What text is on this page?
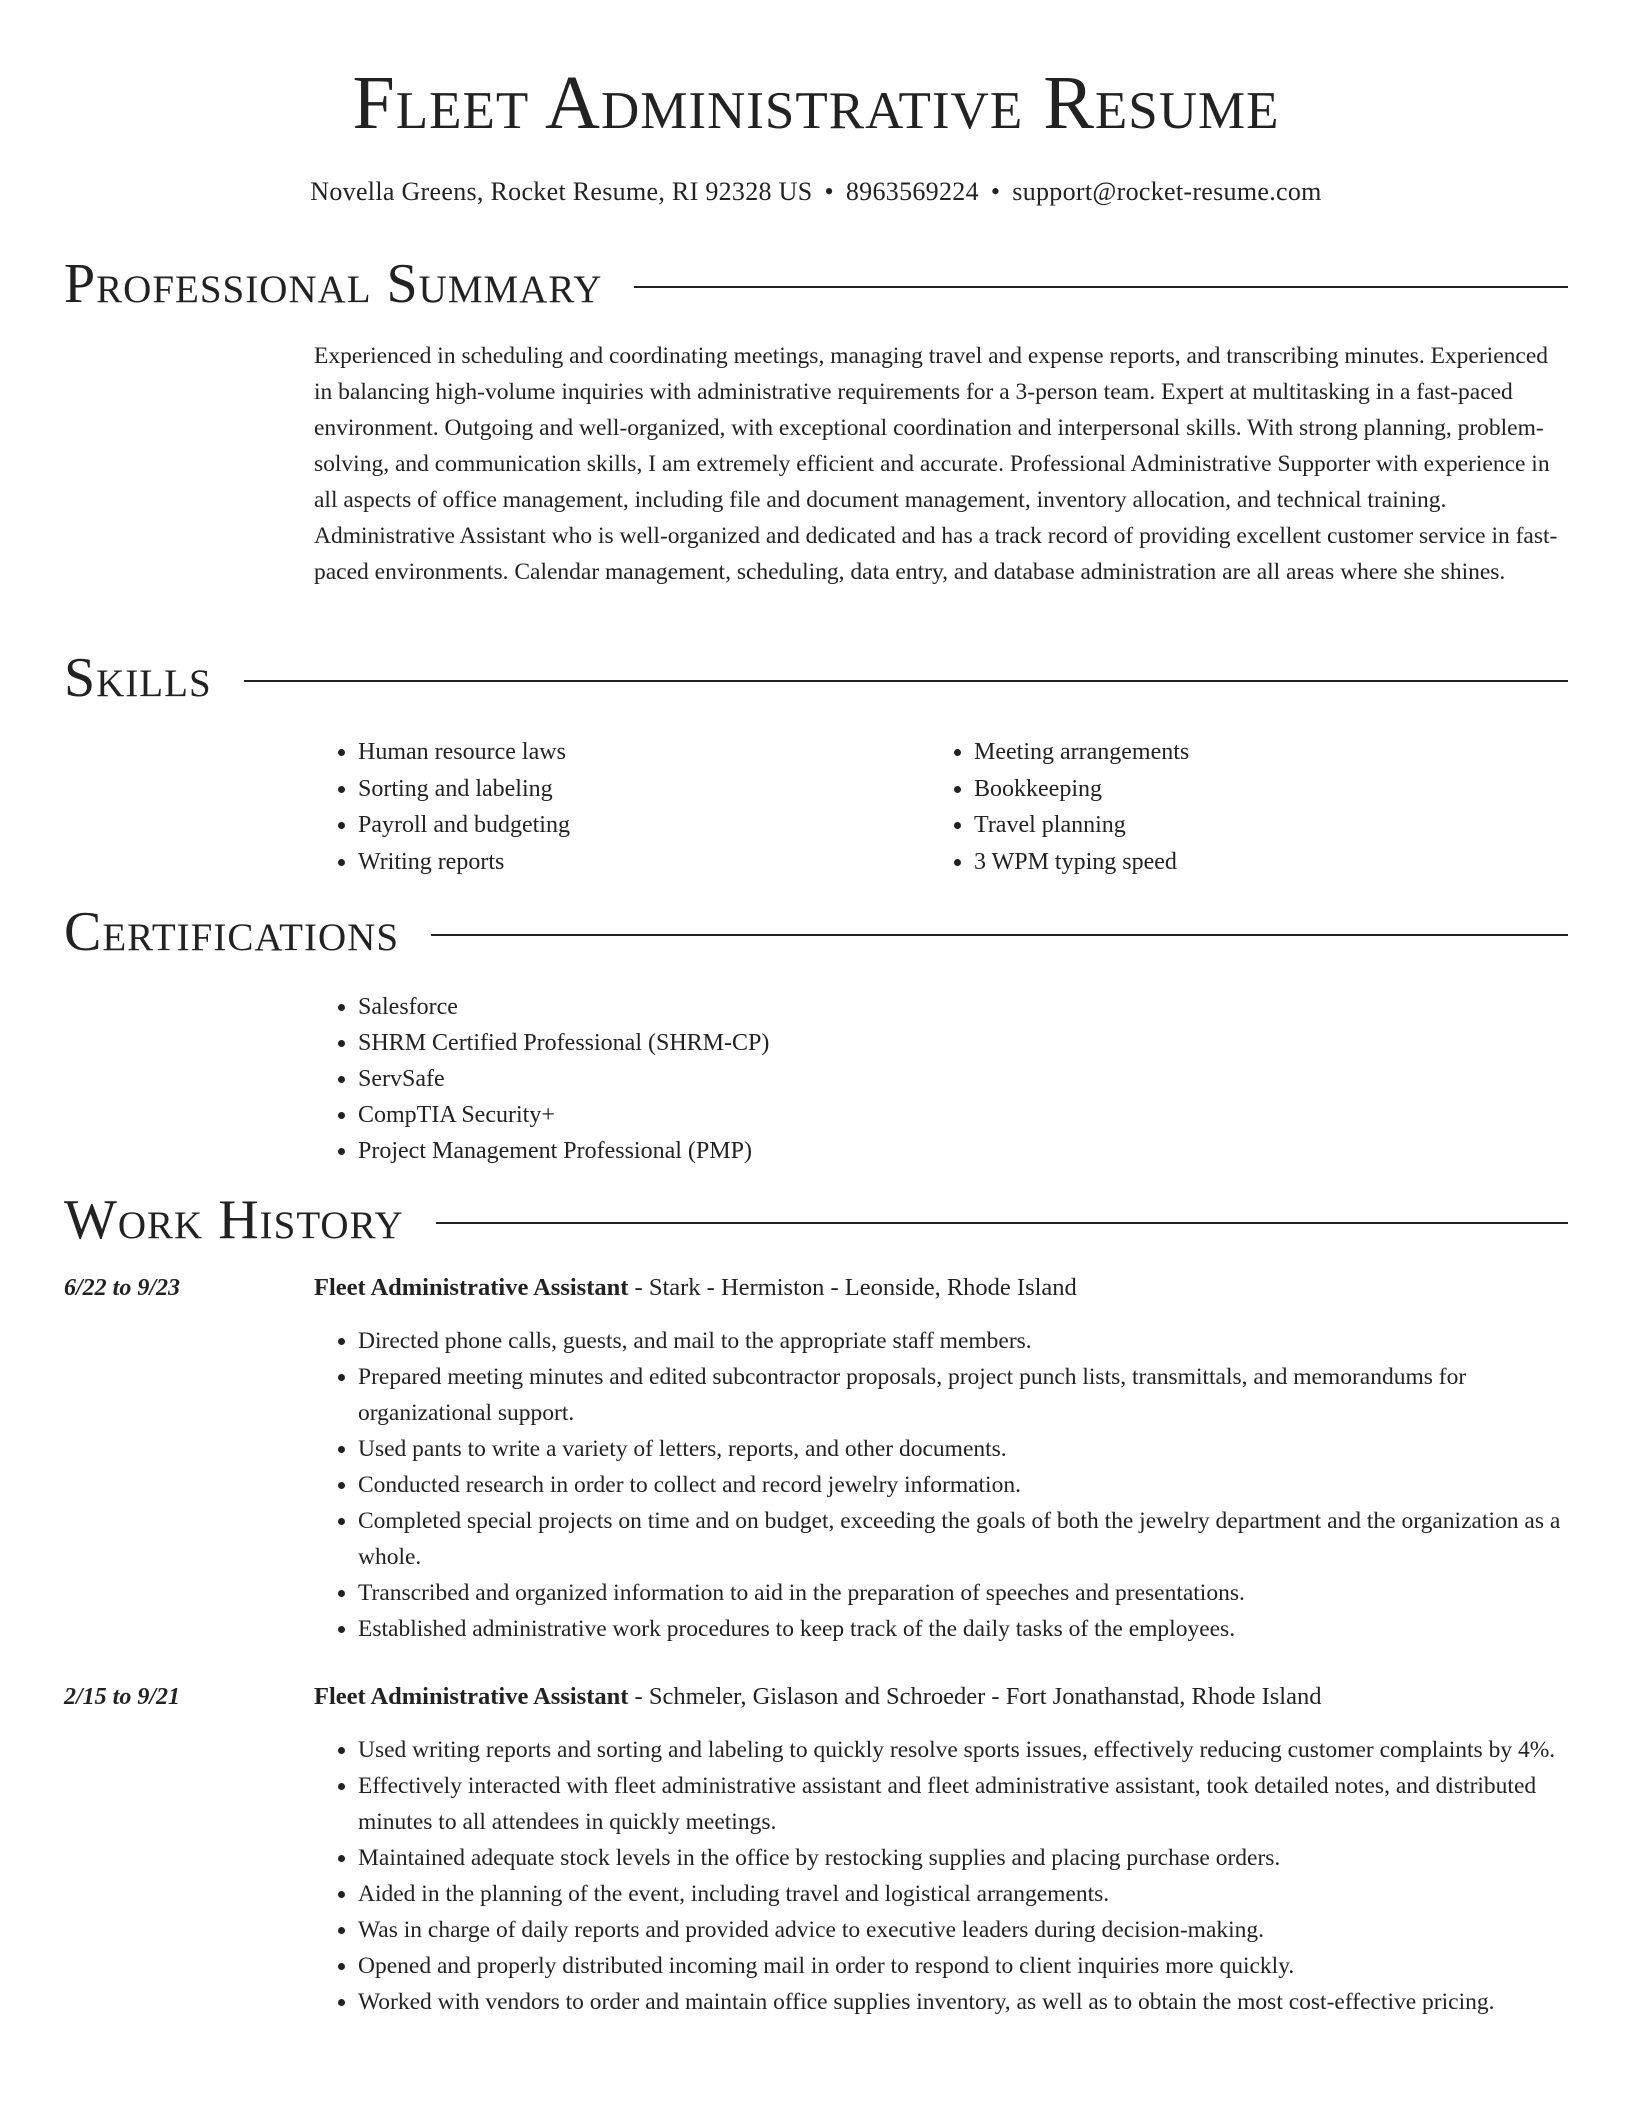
Fleet Administrative Resume
Novella Greens, Rocket Resume, RI 92328 US • 8963569224 • support@rocket-resume.com
Professional Summary

Experienced in scheduling and coordinating meetings, managing travel and expense reports, and transcribing minutes. Experienced in balancing high-volume inquiries with administrative requirements for a 3-person team. Expert at multitasking in a fast-paced environment. Outgoing and well-organized, with exceptional coordination and interpersonal skills. With strong planning, problem-solving, and communication skills, I am extremely efficient and accurate. Professional Administrative Supporter with experience in all aspects of office management, including file and document management, inventory allocation, and technical training. Administrative Assistant who is well-organized and dedicated and has a track record of providing excellent customer service in fast-paced environments. Calendar management, scheduling, data entry, and database administration are all areas where she shines.

Skills
• Human resource laws
• Sorting and labeling
• Payroll and budgeting
• Writing reports
• Meeting arrangements
• Bookkeeping
• Travel planning
• 3 WPM typing speed
Certifications
• Salesforce
• SHRM Certified Professional (SHRM-CP)
• ServSafe
• CompTIA Security+
• Project Management Professional (PMP)
Work History
6/22 to 9/23	Fleet Administrative Assistant - Stark - Hermiston - Leonside, Rhode Island
• Directed phone calls, guests, and mail to the appropriate staff members.
• Prepared meeting minutes and edited subcontractor proposals, project punch lists, transmittals, and memorandums for organizational support.
• Used pants to write a variety of letters, reports, and other documents.
• Conducted research in order to collect and record jewelry information.
• Completed special projects on time and on budget, exceeding the goals of both the jewelry department and the organization as a whole.
• Transcribed and organized information to aid in the preparation of speeches and presentations.
• Established administrative work procedures to keep track of the daily tasks of the employees.
2/15 to 9/21	Fleet Administrative Assistant - Schmeler, Gislason and Schroeder - Fort Jonathanstad, Rhode Island
• Used writing reports and sorting and labeling to quickly resolve sports issues, effectively reducing customer complaints by 4%.
• Effectively interacted with fleet administrative assistant and fleet administrative assistant, took detailed notes, and distributed minutes to all attendees in quickly meetings.
• Maintained adequate stock levels in the office by restocking supplies and placing purchase orders.
• Aided in the planning of the event, including travel and logistical arrangements.
• Was in charge of daily reports and provided advice to executive leaders during decision-making.
• Opened and properly distributed incoming mail in order to respond to client inquiries more quickly.
• Worked with vendors to order and maintain office supplies inventory, as well as to obtain the most cost-effective pricing.
